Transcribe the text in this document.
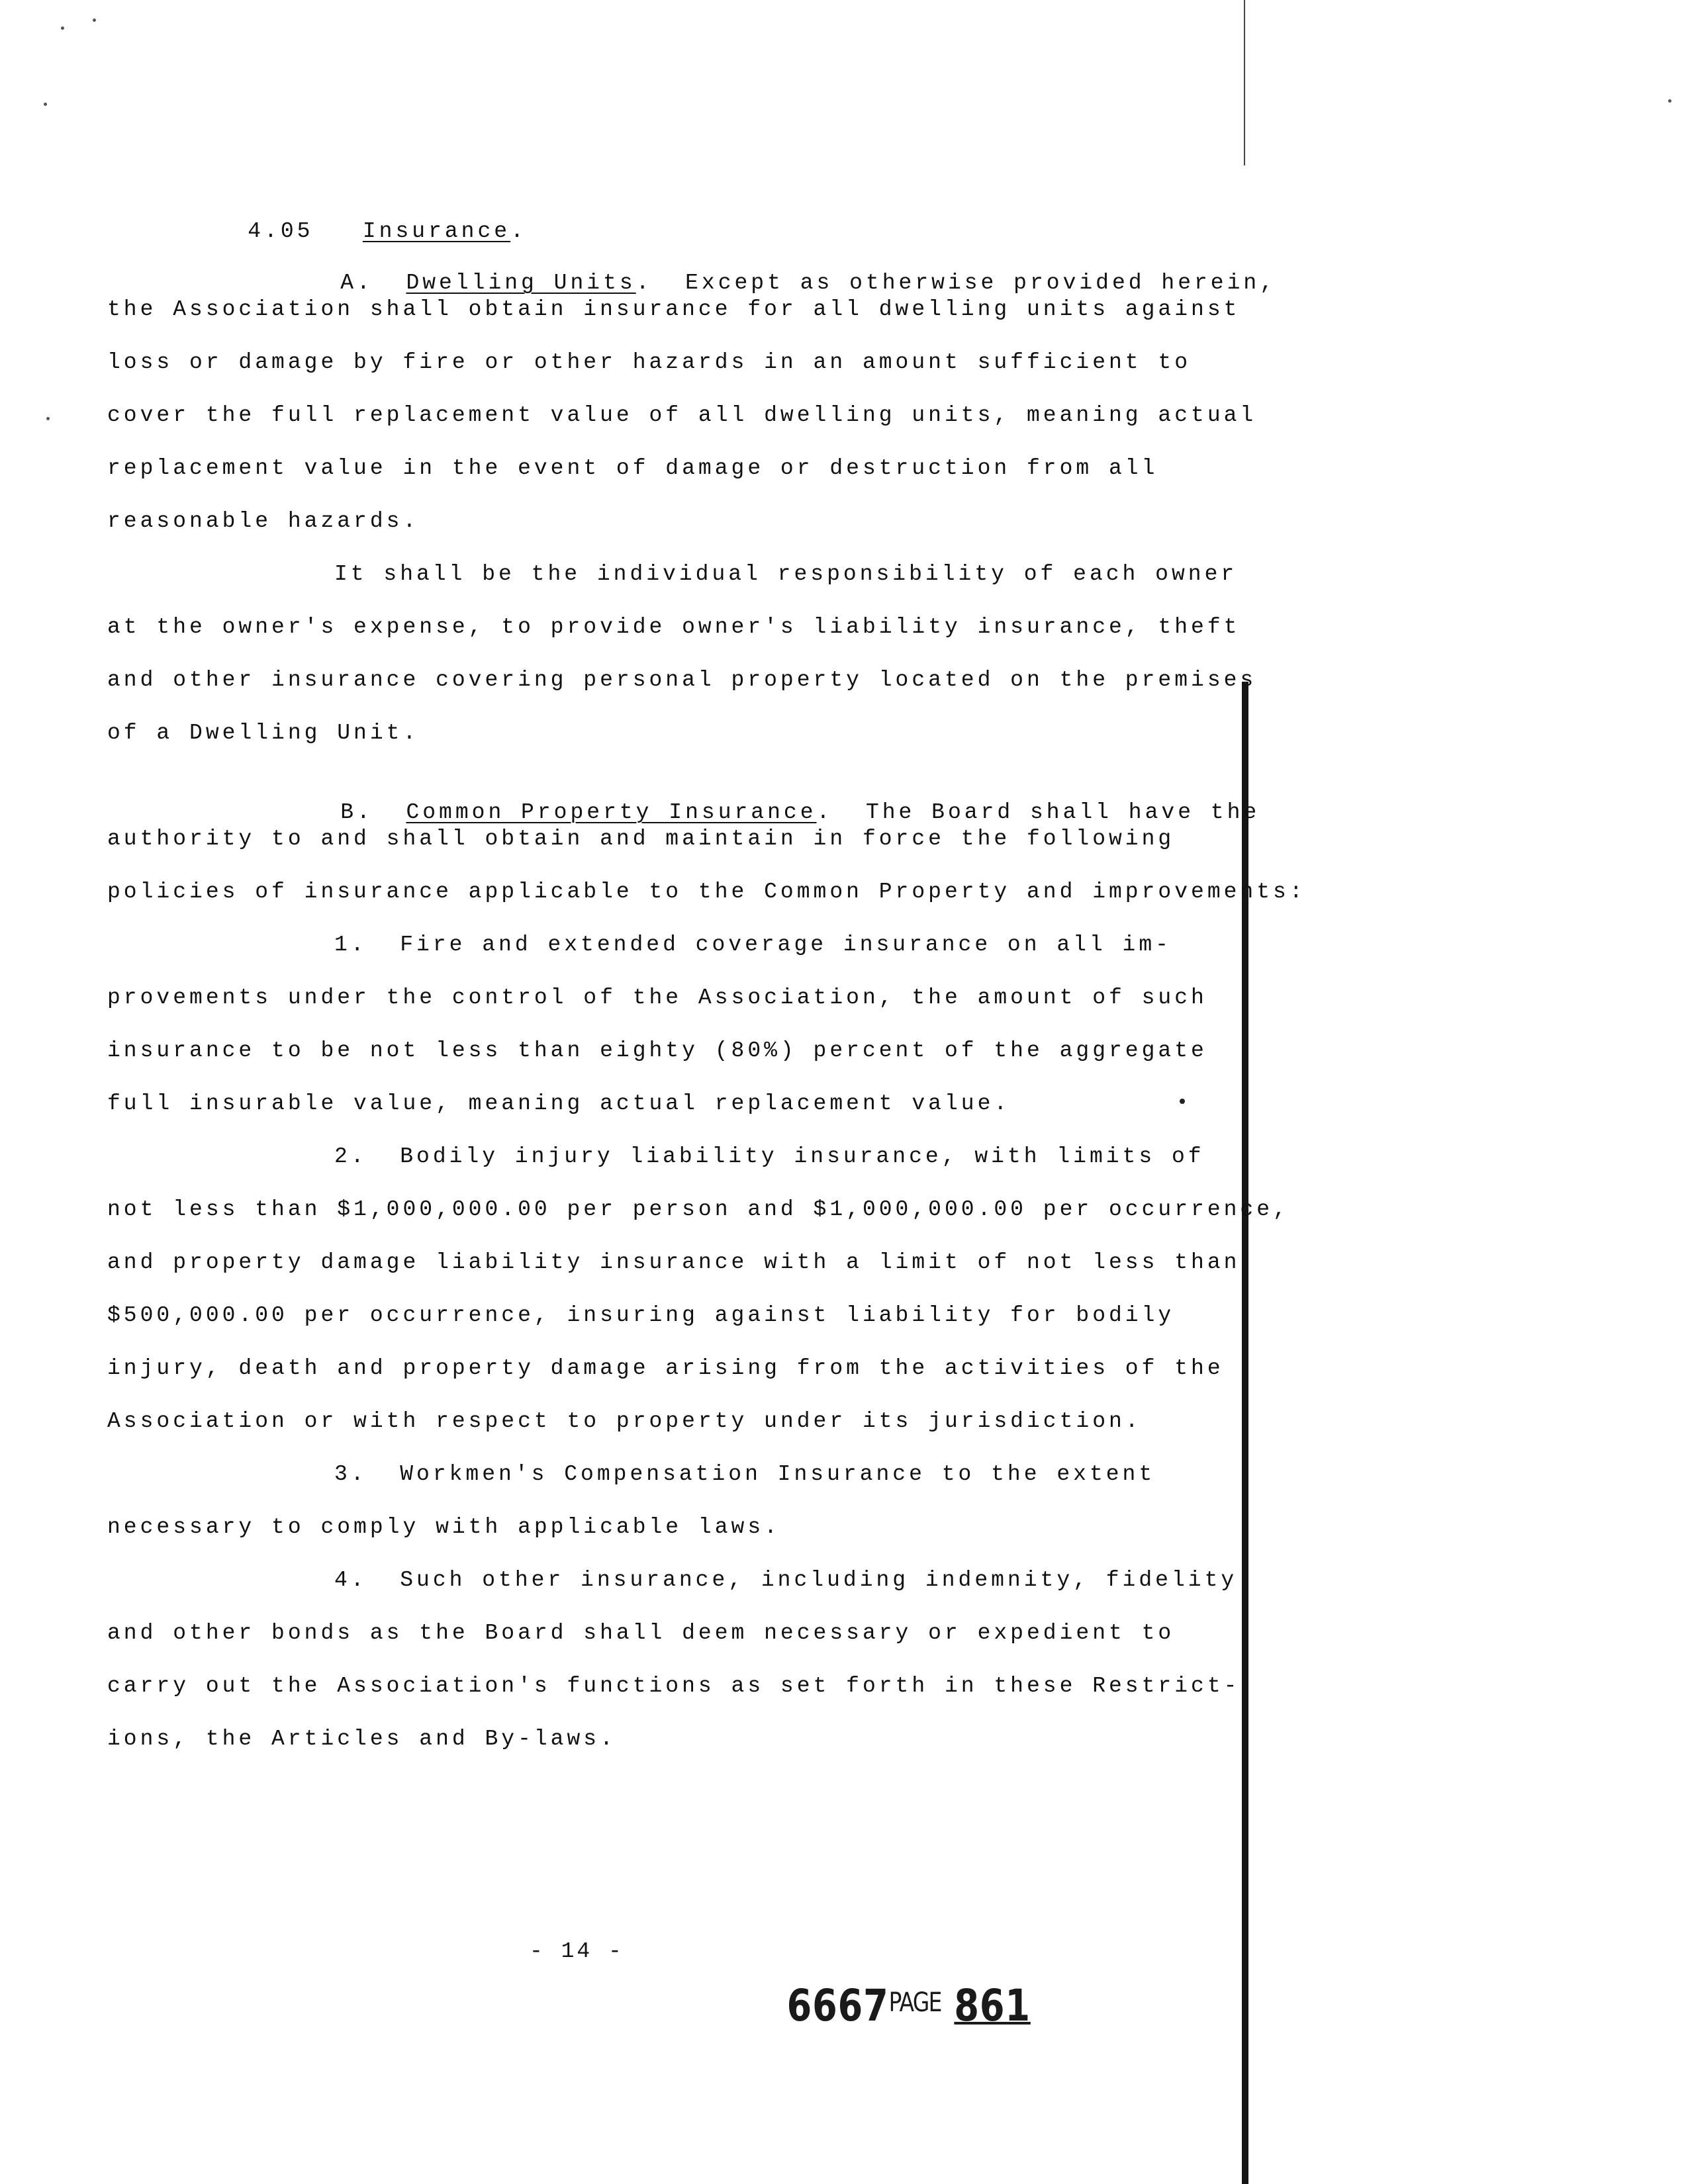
4.05 Insurance.

A. Dwelling Units.  Except as otherwise provided herein,

the Association shall obtain insurance for all dwelling units against
loss or damage by fire or other hazards in an amount sufficient to
cover the full replacement value of all dwelling units, meaning actual
replacement value in the event of damage or destruction from all
reasonable hazards.
It shall be the individual responsibility of each owner
at the owner's expense, to provide owner's liability insurance, theft
and other insurance covering personal property located on the premises
of a Dwelling Unit.

B. Common Property Insurance.  The Board shall have the

authority to and shall obtain and maintain in force the following
policies of insurance applicable to the Common Property and improvements:
1.  Fire and extended coverage insurance on all im-
provements under the control of the Association, the amount of such
insurance to be not less than eighty (80%) percent of the aggregate
full insurable value, meaning actual replacement value.
2.  Bodily injury liability insurance, with limits of
not less than $1,000,000.00 per person and $1,000,000.00 per occurrence,
and property damage liability insurance with a limit of not less than
$500,000.00 per occurrence, insuring against liability for bodily
injury, death and property damage arising from the activities of the
Association or with respect to property under its jurisdiction.
3.  Workmen's Compensation Insurance to the extent
necessary to comply with applicable laws.
4.  Such other insurance, including indemnity, fidelity
and other bonds as the Board shall deem necessary or expedient to
carry out the Association's functions as set forth in these Restrict-
ions, the Articles and By-laws.
- 14 -

$6667^{PAGE}$ 861
